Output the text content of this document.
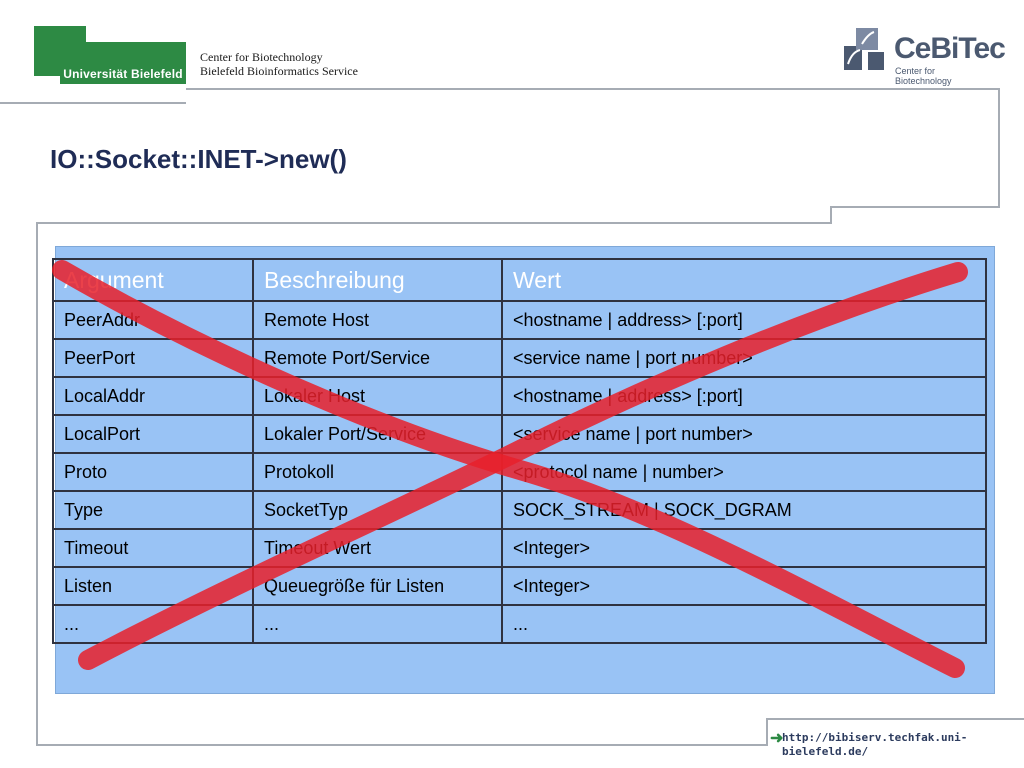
Universität Bielefeld
Center for Biotechnology
Bielefeld Bioinformatics Service
CeBiTec
Center for Biotechnology
IO::Socket::INET->new()
Argument	Beschreibung	Wert
PeerAddr	Remote Host	<hostname | address> [:port]
PeerPort	Remote Port/Service	<service name | port number>
LocalAddr	Lokaler Host	<hostname | address> [:port]
LocalPort	Lokaler Port/Service	<service name | port number>
Proto	Protokoll	<protocol name | number>
Type	SocketTyp	SOCK_STREAM | SOCK_DGRAM
Timeout	Timeout Wert	<Integer>
Listen	Queuegröße für Listen	<Integer>
...	...	...
➜
http://bibiserv.techfak.uni-bielefeld.de/
